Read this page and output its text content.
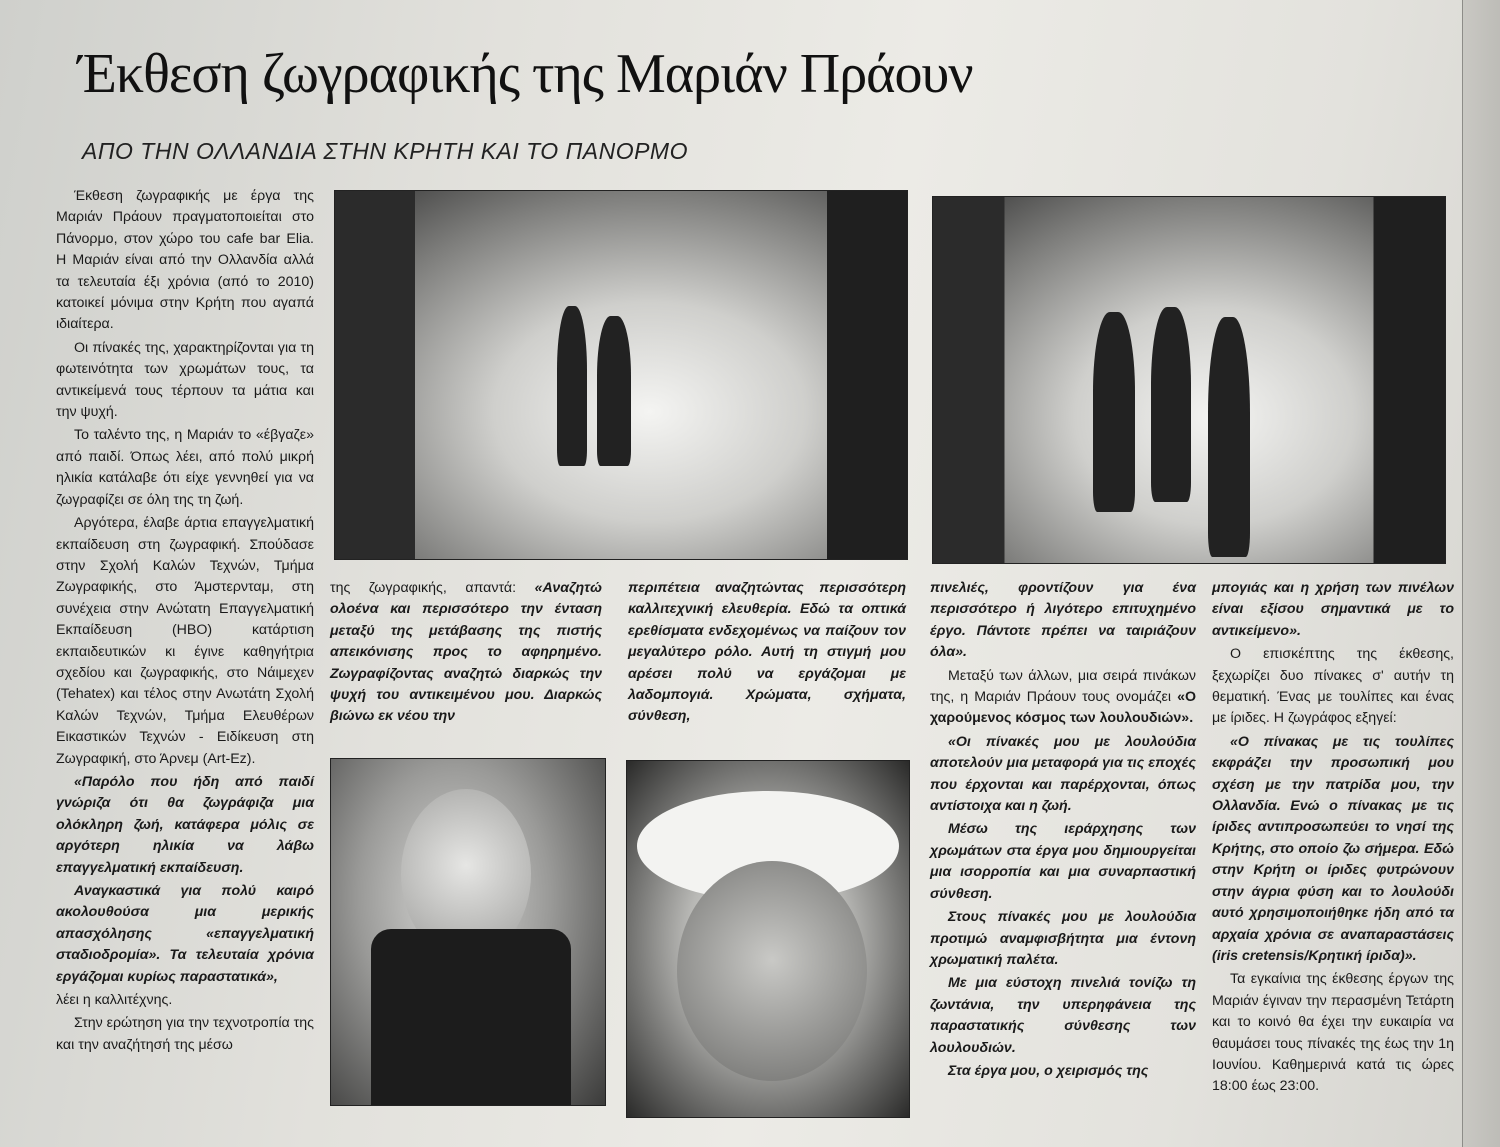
Έκθεση ζωγραφικής της Μαριάν Πράουν
ΑΠΟ ΤΗΝ ΟΛΛΑΝΔΙΑ ΣΤΗΝ ΚΡΗΤΗ ΚΑΙ ΤΟ ΠΑΝΟΡΜΟ

Έκθεση ζωγραφικής με έργα της Μαριάν Πράουν πραγματοποιείται στο Πάνορμο, στον χώρο του cafe bar Elia. Η Μαριάν είναι από την Ολλανδία αλλά τα τελευταία έξι χρόνια (από το 2010) κατοικεί μόνιμα στην Κρήτη που αγαπά ιδιαίτερα.

Οι πίνακές της, χαρακτηρίζονται για τη φωτεινότητα των χρωμάτων τους, τα αντικείμενά τους τέρπουν τα μάτια και την ψυχή.

Το ταλέντο της, η Μαριάν το «έβγαζε» από παιδί. Όπως λέει, από πολύ μικρή ηλικία κατάλαβε ότι είχε γεννηθεί για να ζωγραφίζει σε όλη της τη ζωή.

Αργότερα, έλαβε άρτια επαγγελματική εκπαίδευση στη ζωγραφική. Σπούδασε στην Σχολή Καλών Τεχνών, Τμήμα Ζωγραφικής, στο Άμστερνταμ, στη συνέχεια στην Ανώτατη Επαγγελματική Εκπαίδευση (HBO) κατάρτιση εκπαιδευτικών κι έγινε καθηγήτρια σχεδίου και ζωγραφικής, στο Νάιμεχεν (Tehatex) και τέλος στην Ανωτάτη Σχολή Καλών Τεχνών, Τμήμα Ελευθέρων Εικαστικών Τεχνών - Ειδίκευση στη Ζωγραφική, στο Άρνεμ (Art-Ez).

«Παρόλο που ήδη από παιδί γνώριζα ότι θα ζωγράφιζα μια ολόκληρη ζωή, κατάφερα μόλις σε αργότερη ηλικία να λάβω επαγγελματική εκπαίδευση.

Αναγκαστικά για πολύ καιρό ακολουθούσα μια μερικής απασχόλησης «επαγγελματική σταδιοδρομία». Τα τελευταία χρόνια εργάζομαι κυρίως παραστατικά»,

λέει η καλλιτέχνης.

Στην ερώτηση για την τεχνοτροπία της και την αναζήτησή της μέσω

της ζωγραφικής, απαντά: «Αναζητώ ολοένα και περισσότερο την ένταση μεταξύ της μετάβασης της πιστής απεικόνισης προς το αφηρημένο. Ζωγραφίζοντας αναζητώ διαρκώς την ψυχή του αντικειμένου μου. Διαρκώς βιώνω εκ νέου την

περιπέτεια αναζητώντας περισσότερη καλλιτεχνική ελευθερία. Εδώ τα οπτικά ερεθίσματα ενδεχομένως να παίζουν τον μεγαλύτερο ρόλο. Αυτή τη στιγμή μου αρέσει πολύ να εργάζομαι με λαδομπογιά. Χρώματα, σχήματα, σύνθεση,

πινελιές, φροντίζουν για ένα περισσότερο ή λιγότερο επιτυχημένο έργο. Πάντοτε πρέπει να ταιριάζουν όλα».

Μεταξύ των άλλων, μια σειρά πινάκων της, η Μαριάν Πράουν τους ονομάζει «Ο χαρούμενος κόσμος των λουλουδιών».

«Οι πίνακές μου με λουλούδια αποτελούν μια μεταφορά για τις εποχές που έρχονται και παρέρχονται, όπως αντίστοιχα και η ζωή.

Μέσω της ιεράρχησης των χρωμάτων στα έργα μου δημιουργείται μια ισορροπία και μια συναρπαστική σύνθεση.

Στους πίνακές μου με λουλούδια προτιμώ αναμφισβήτητα μια έντονη χρωματική παλέτα.

Με μια εύστοχη πινελιά τονίζω τη ζωντάνια, την υπερηφάνεια της παραστατικής σύνθεσης των λουλουδιών.

Στα έργα μου, ο χειρισμός της

μπογιάς και η χρήση των πινέλων είναι εξίσου σημαντικά με το αντικείμενο».

Ο επισκέπτης της έκθεσης, ξεχωρίζει δυο πίνακες σ' αυτήν τη θεματική. Ένας με τουλίπες και ένας με ίριδες. Η ζωγράφος εξηγεί:

«Ο πίνακας με τις τουλίπες εκφράζει την προσωπική μου σχέση με την πατρίδα μου, την Ολλανδία. Ενώ ο πίνακας με τις ίριδες αντιπροσωπεύει το νησί της Κρήτης, στο οποίο ζω σήμερα. Εδώ στην Κρήτη οι ίριδες φυτρώνουν στην άγρια φύση και το λουλούδι αυτό χρησιμοποιήθηκε ήδη από τα αρχαία χρόνια σε αναπαραστάσεις (iris cretensis/Κρητική ίριδα)».

Τα εγκαίνια της έκθεσης έργων της Μαριάν έγιναν την περασμένη Τετάρτη και το κοινό θα έχει την ευκαιρία να θαυμάσει τους πίνακές της έως την 1η Ιουνίου. Καθημερινά κατά τις ώρες 18:00 έως 23:00.
